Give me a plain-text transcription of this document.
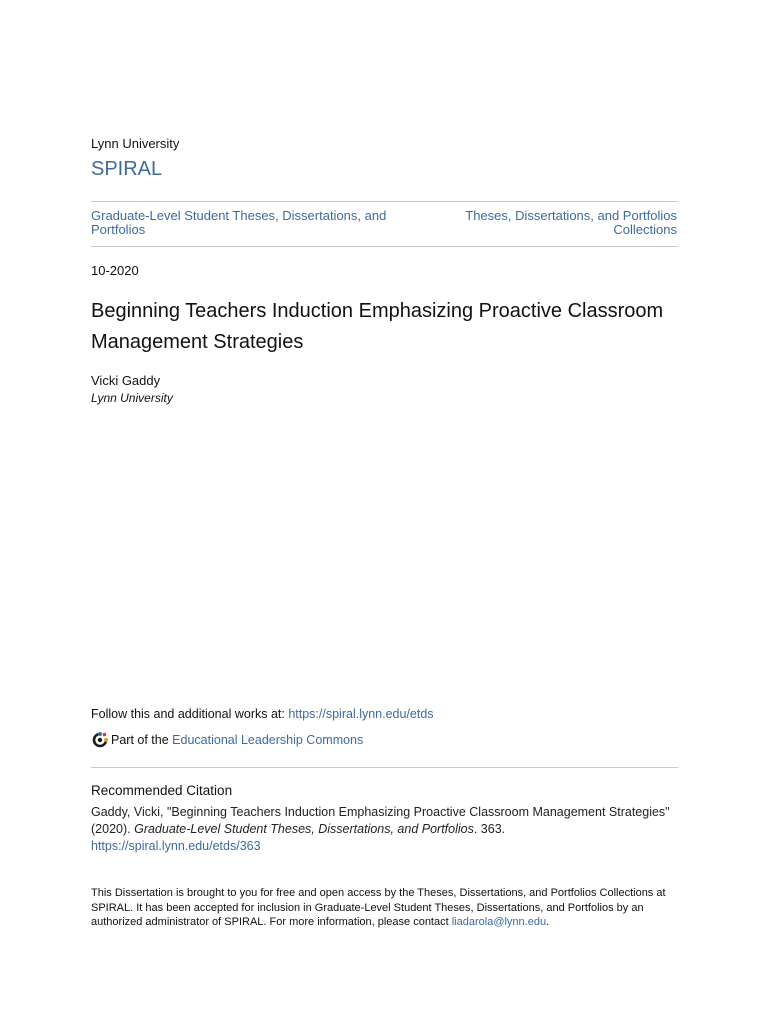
Lynn University
SPIRAL
Graduate-Level Student Theses, Dissertations, and Portfolios
Theses, Dissertations, and Portfolios Collections
10-2020
Beginning Teachers Induction Emphasizing Proactive Classroom Management Strategies
Vicki Gaddy
Lynn University
Follow this and additional works at: https://spiral.lynn.edu/etds
Part of the
Educational Leadership Commons
Recommended Citation
Gaddy, Vicki, "Beginning Teachers Induction Emphasizing Proactive Classroom Management Strategies" (2020). Graduate-Level Student Theses, Dissertations, and Portfolios. 363.
https://spiral.lynn.edu/etds/363
This Dissertation is brought to you for free and open access by the Theses, Dissertations, and Portfolios Collections at SPIRAL. It has been accepted for inclusion in Graduate-Level Student Theses, Dissertations, and Portfolios by an authorized administrator of SPIRAL. For more information, please contact liadarola@lynn.edu.
